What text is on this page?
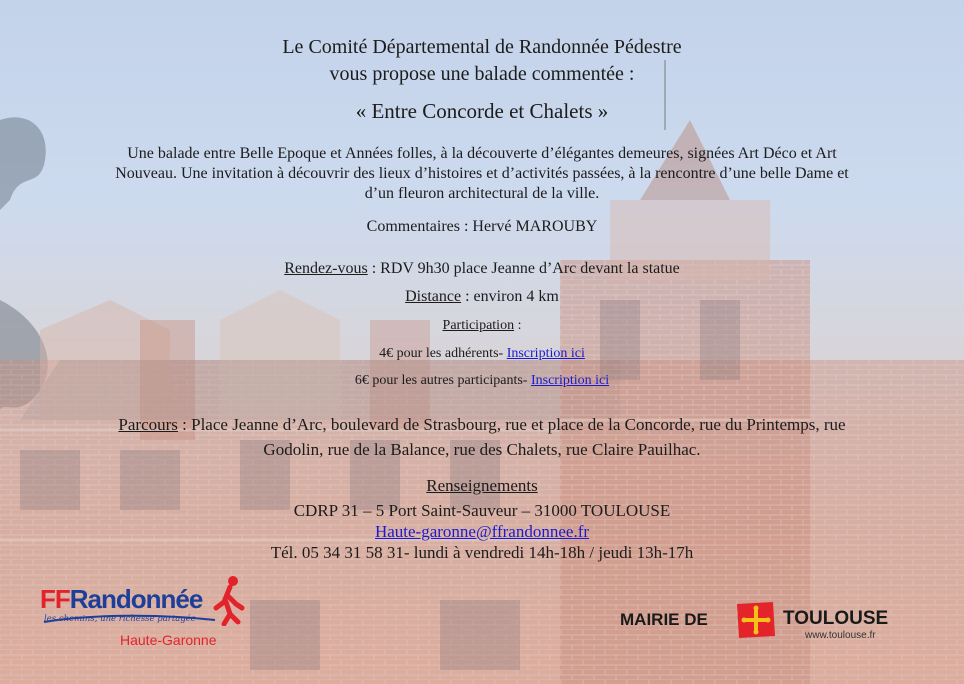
Le Comité Départemental de Randonnée Pédestre
vous propose une balade commentée :
« Entre Concorde et Chalets »
Une balade entre Belle Epoque et Années folles, à la découverte d’élégantes demeures, signées Art Déco et Art
Nouveau. Une invitation à découvrir des lieux d’histoires et d’activités passées, à la rencontre d’une belle Dame et
d’un fleuron architectural de la ville.
Commentaires : Hervé MAROUBY
Rendez-vous : RDV 9h30 place Jeanne d’Arc devant la statue
Distance : environ 4 km
Participation :
4€ pour les adhérents- Inscription ici
6€ pour les autres participants- Inscription ici
Parcours : Place Jeanne d’Arc, boulevard de Strasbourg, rue et place de la Concorde, rue du Printemps, rue
Godolin, rue de la Balance, rue des Chalets, rue Claire Pauilhac.
Renseignements
CDRP 31 – 5 Port Saint-Sauveur – 31000 TOULOUSE
Haute-garonne@ffrandonnee.fr
Tél. 05 34 31 58 31- lundi à vendredi 14h-18h / jeudi 13h-17h
FFRandonnée
les chemins, une richesse partagée
Haute-Garonne
MAIRIE DE	TOULOUSE
www.toulouse.fr
